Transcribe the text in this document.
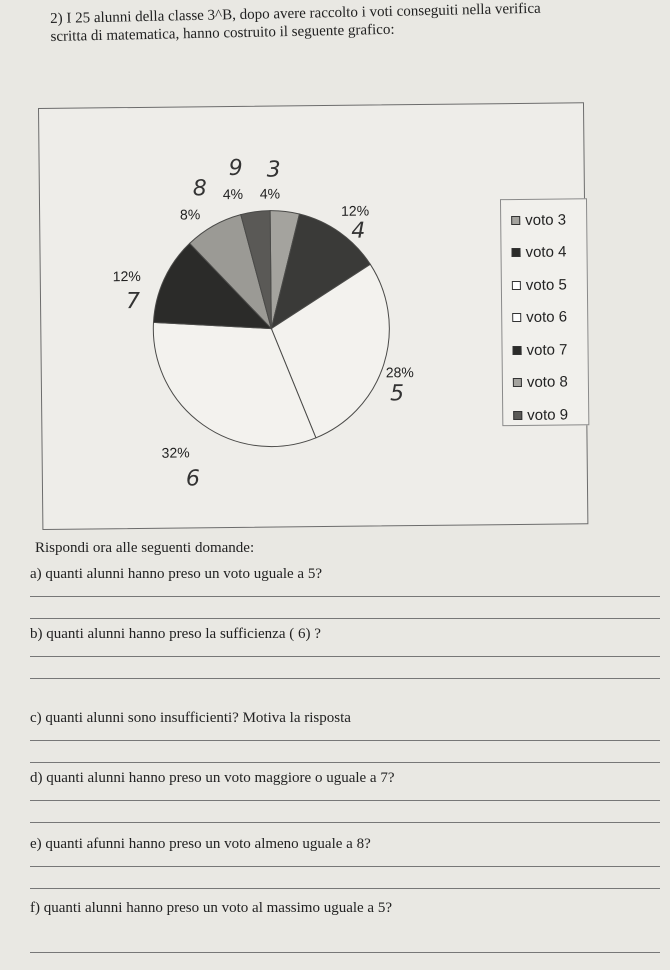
2) I 25 alunni della classe 3^B, dopo avere raccolto i voti conseguiti nella verifica

scritta di matematica, hanno costruito il seguente grafico:

4%
3
12%
4
28%
5
32%
6
12%
7
8%
8 4%
9
voto 3
voto 4
voto 5
voto 6
voto 7
voto 8
voto 9
Rispondi ora alle seguenti domande:
a) quanti alunni hanno preso un voto uguale a 5?
b) quanti alunni hanno preso la sufficienza ( 6) ?
c) quanti alunni sono insufficienti? Motiva la risposta
d) quanti alunni hanno preso un voto maggiore o uguale a 7?
e) quanti afunni hanno preso un voto almeno uguale a 8?
f) quanti alunni hanno preso un voto al massimo uguale a 5?
